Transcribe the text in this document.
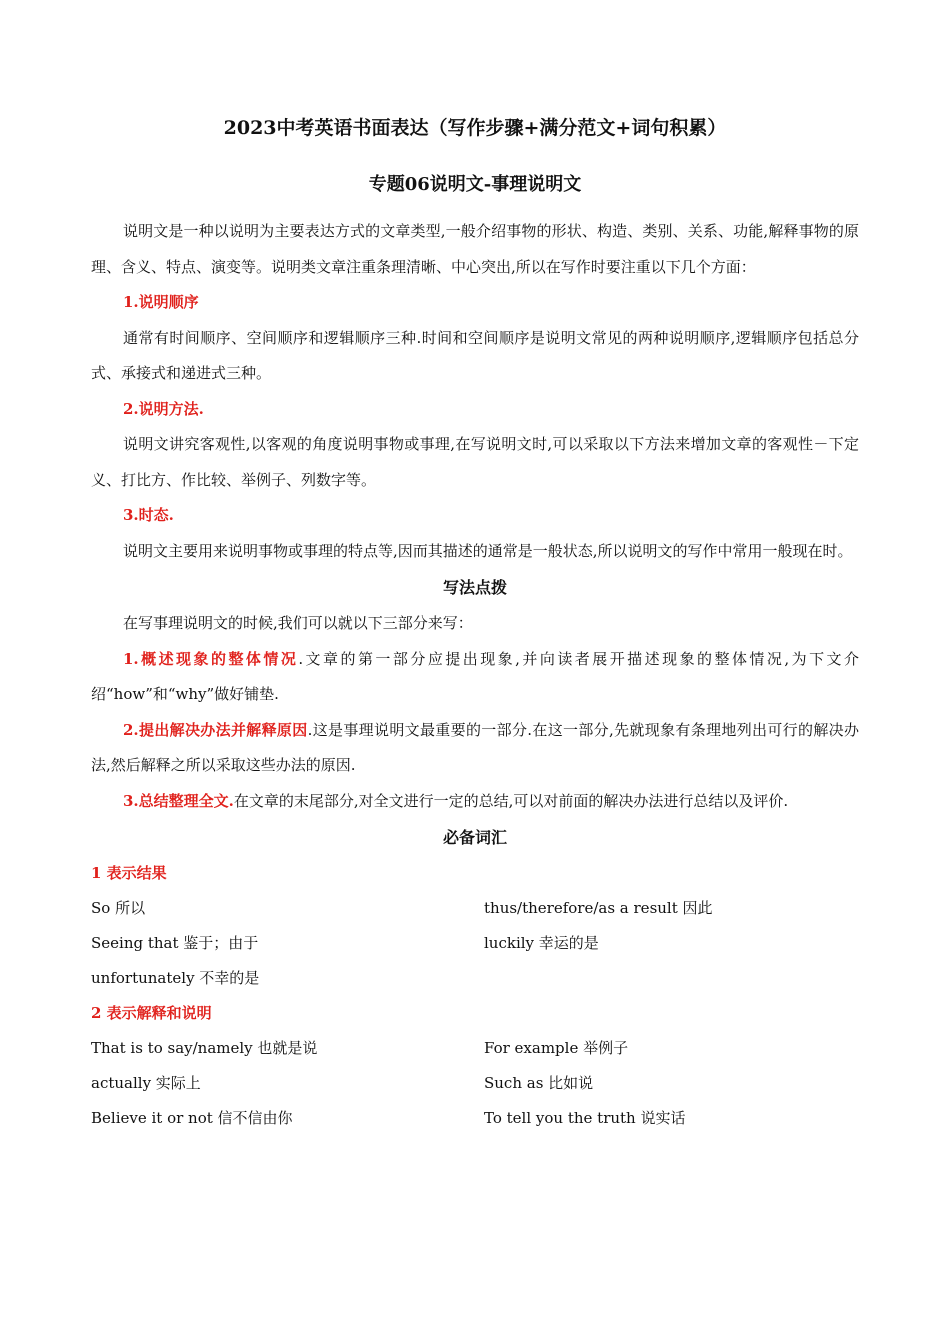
2023中考英语书面表达（写作步骤+满分范文+词句积累）
专题06说明文-事理说明文

说明文是一种以说明为主要表达方式的文章类型,一般介绍事物的形状、构造、类别、关系、功能,解释事物的原理、含义、特点、演变等。说明类文章注重条理清晰、中心突出,所以在写作时要注重以下几个方面：

1.说明顺序

通常有时间顺序、空间顺序和逻辑顺序三种.时间和空间顺序是说明文常见的两种说明顺序,逻辑顺序包括总分式、承接式和递进式三种。

2.说明方法.

说明文讲究客观性,以客观的角度说明事物或事理,在写说明文时,可以采取以下方法来增加文章的客观性－下定义、打比方、作比较、举例子、列数字等。

3.时态.

说明文主要用来说明事物或事理的特点等,因而其描述的通常是一般状态,所以说明文的写作中常用一般现在时。

写法点拨

在写事理说明文的时候,我们可以就以下三部分来写：

1.概述现象的整体情况.文章的第一部分应提出现象,并向读者展开描述现象的整体情况,为下文介绍“how”和“why”做好铺垫.

2.提出解决办法并解释原因.这是事理说明文最重要的一部分.在这一部分,先就现象有条理地列出可行的解决办法,然后解释之所以采取这些办法的原因.

3.总结整理全文.在文章的末尾部分,对全文进行一定的总结,可以对前面的解决办法进行总结以及评价.

必备词汇
1 表示结果
So 所以	thus/therefore/as a result 因此
Seeing that 鉴于；由于	luckily 幸运的是
unfortunately 不幸的是
2 表示解释和说明
That is to say/namely 也就是说	For example 举例子
actually 实际上	Such as 比如说
Believe it or not 信不信由你	To tell you the truth 说实话
